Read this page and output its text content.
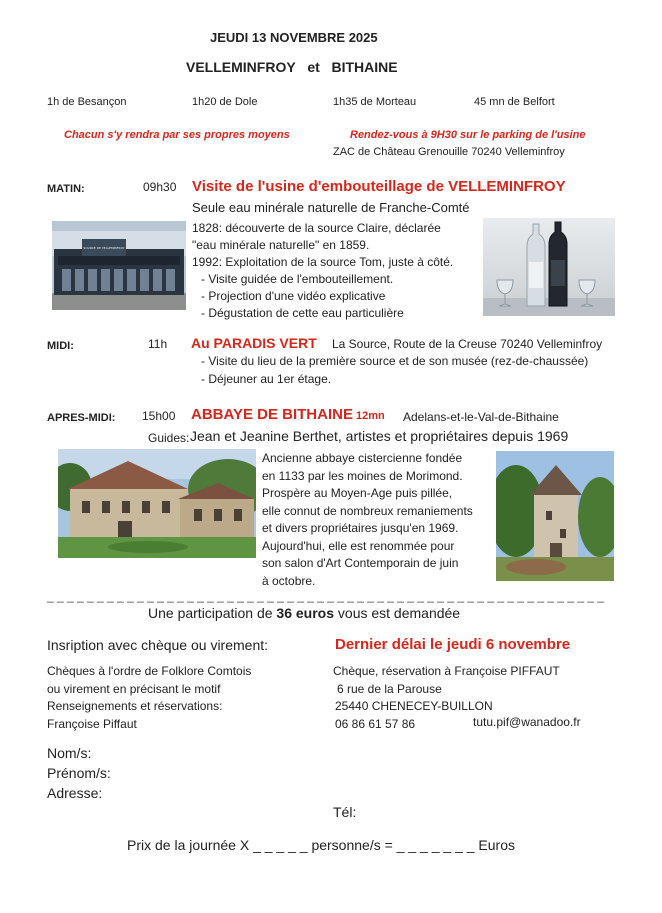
JEUDI 13 NOVEMBRE 2025
VELLEMINFROY et BITHAINE
1h de Besançon	1h20 de Dole	1h35 de Morteau	45 mn de Belfort
Chacun s'y rendra par ses propres moyens	Rendez-vous à 9H30 sur le parking de l'usine
ZAC de Château Grenouille 70240 Velleminfroy
MATIN:	09h30 Visite de l'usine d'embouteillage de VELLEMINFROY
Seule eau minérale naturelle de Franche-Comté
1828: découverte de la source Claire, déclarée
"eau minérale naturelle" en 1859.
1992: Exploitation de la source Tom, juste à côté.
- Visite guidée de l'embouteillement.
- Projection d'une vidéo explicative
- Dégustation de cette eau particulière
SOURCE DE VELLEMINFROY
MIDI:	11h Au PARADIS VERT La Source, Route de la Creuse 70240 Velleminfroy
- Visite du lieu de la première source et de son musée (rez-de-chaussée)
- Déjeuner au 1er étage.
APRES-MIDI: 15h00 ABBAYE DE BITHAINE 12mn Adelans-et-le-Val-de-Bithaine
Guides: Jean et Jeanine Berthet, artistes et propriétaires depuis 1969
Ancienne abbaye cistercienne fondée
en 1133 par les moines de Morimond.
Prospère au Moyen-Age puis pillée,
elle connut de nombreux remaniements
et divers propriétaires jusqu'en 1969.
Aujourd'hui, elle est renommée pour
son salon d'Art Contemporain de juin
à octobre.
_ _ _ _ _ _ _ _ _ _ _ _ _ _ _ _ _ _ _ _ _ _ _ _ _ _ _ _ _ _ _ _ _ _ _ _ _ _ _ _ _ _ _ _ _ _ _ _ _ _ _ _ _ _ _ _
Une participation de 36 euros vous est demandée
Insription avec chèque ou virement:	Dernier délai le jeudi 6 novembre
Chèques à l'ordre de Folklore Comtois
ou virement en précisant le motif
Renseignements et réservations:
Françoise Piffaut
Chèque, réservation à Françoise PIFFAUT
6 rue de la Parouse
25440 CHENECEY-BUILLON
06 86 61 57 86	tutu.pif@wanadoo.fr
Nom/s:
Prénom/s:
Adresse:
Tél:
Prix de la journée X _ _ _ _ _ personne/s = _ _ _ _ _ _ _ Euros
